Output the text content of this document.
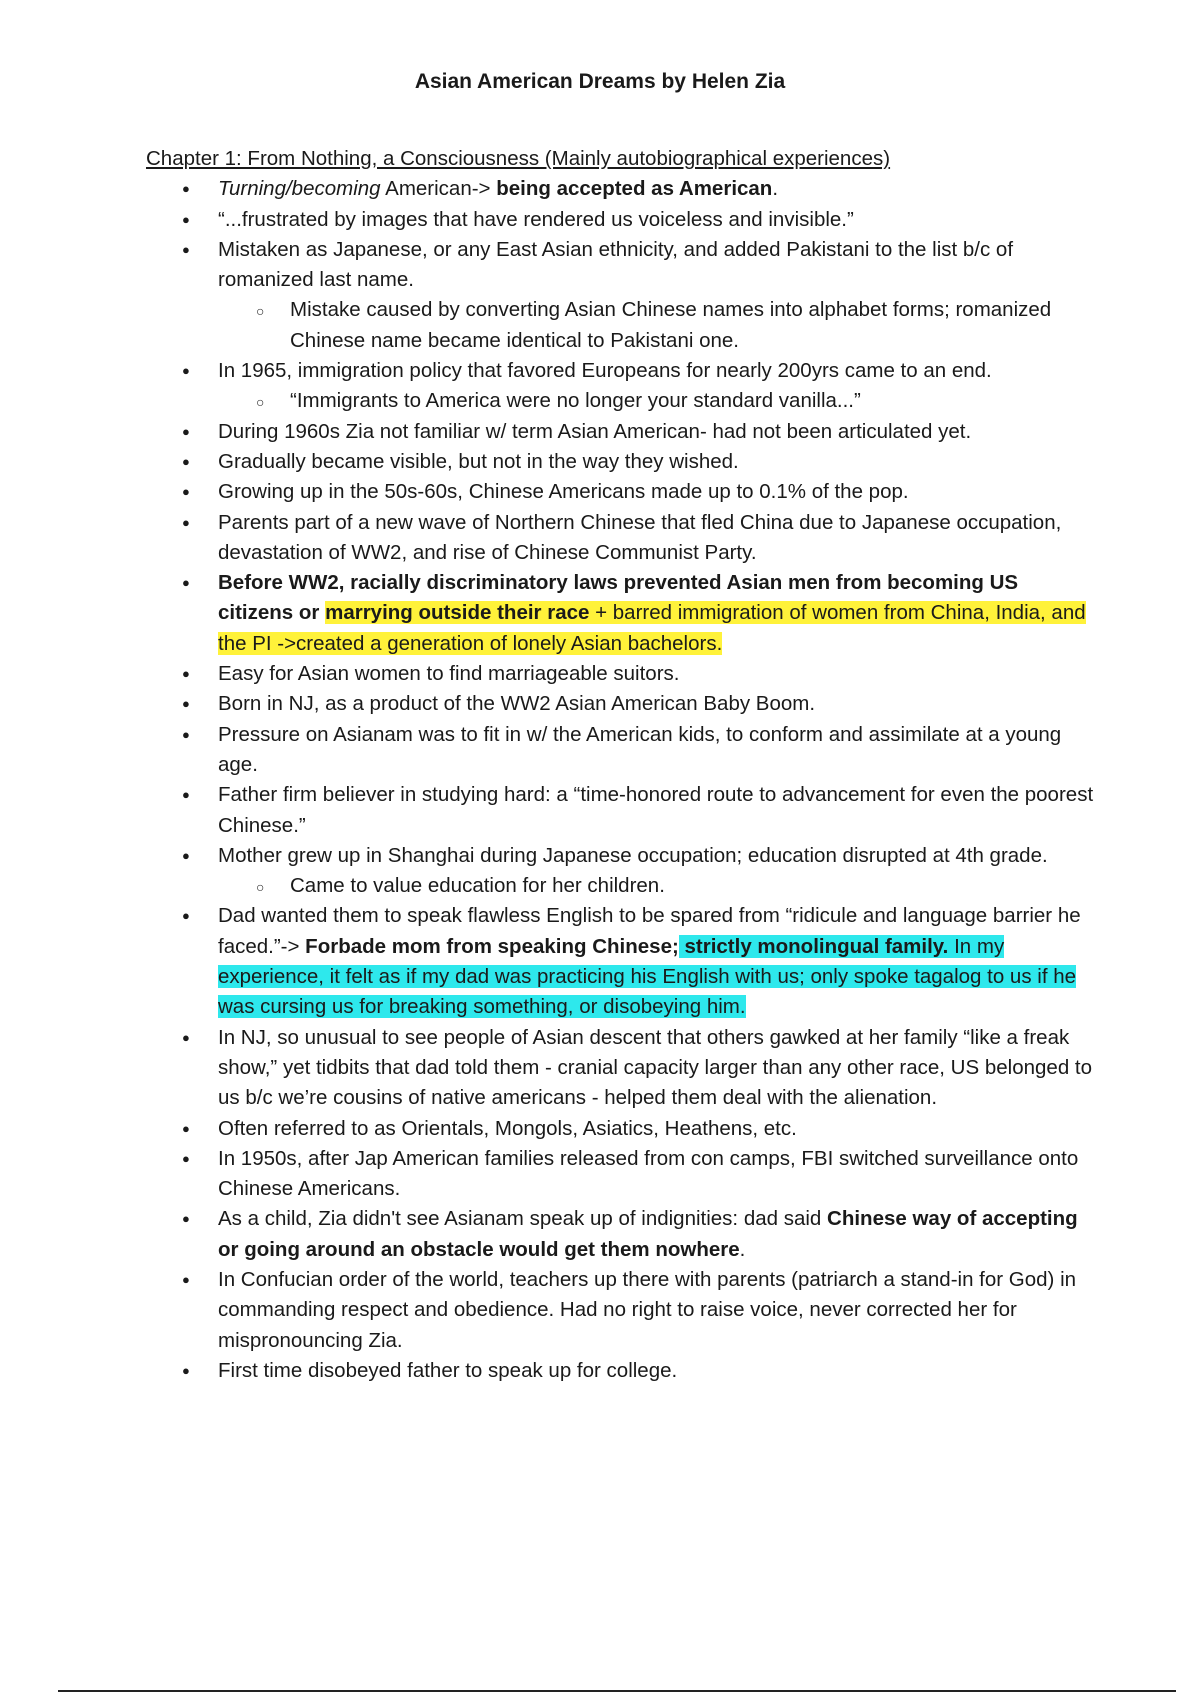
Asian American Dreams by Helen Zia
Chapter 1: From Nothing, a Consciousness (Mainly autobiographical experiences)
● Turning/becoming American-> being accepted as American.
● “...frustrated by images that have rendered us voiceless and invisible.”
● Mistaken as Japanese, or any East Asian ethnicity, and added Pakistani to the list b/c of romanized last name.
○ Mistake caused by converting Asian Chinese names into alphabet forms; romanized Chinese name became identical to Pakistani one.
● In 1965, immigration policy that favored Europeans for nearly 200yrs came to an end.
○ “Immigrants to America were no longer your standard vanilla...”
● During 1960s Zia not familiar w/ term Asian American- had not been articulated yet.
● Gradually became visible, but not in the way they wished.
● Growing up in the 50s-60s, Chinese Americans made up to 0.1% of the pop.
● Parents part of a new wave of Northern Chinese that fled China due to Japanese occupation, devastation of WW2, and rise of Chinese Communist Party.
● Before WW2, racially discriminatory laws prevented Asian men from becoming US citizens or marrying outside their race + barred immigration of women from China, India, and the PI ->created a generation of lonely Asian bachelors.
● Easy for Asian women to find marriageable suitors.
● Born in NJ, as a product of the WW2 Asian American Baby Boom.
● Pressure on Asianam was to fit in w/ the American kids, to conform and assimilate at a young age.
● Father firm believer in studying hard: a “time-honored route to advancement for even the poorest Chinese.”
● Mother grew up in Shanghai during Japanese occupation; education disrupted at 4th grade.
○ Came to value education for her children.
● Dad wanted them to speak flawless English to be spared from “ridicule and language barrier he faced.”-> Forbade mom from speaking Chinese; strictly monolingual family. In my experience, it felt as if my dad was practicing his English with us; only spoke tagalog to us if he was cursing us for breaking something, or disobeying him.
● In NJ, so unusual to see people of Asian descent that others gawked at her family “like a freak show,” yet tidbits that dad told them - cranial capacity larger than any other race, US belonged to us b/c we’re cousins of native americans - helped them deal with the alienation.
● Often referred to as Orientals, Mongols, Asiatics, Heathens, etc.
● In 1950s, after Jap American families released from con camps, FBI switched surveillance onto Chinese Americans.
● As a child, Zia didn't see Asianam speak up of indignities: dad said Chinese way of accepting or going around an obstacle would get them nowhere.
● In Confucian order of the world, teachers up there with parents (patriarch a stand-in for God) in commanding respect and obedience. Had no right to raise voice, never corrected her for mispronouncing Zia.
● First time disobeyed father to speak up for college.
